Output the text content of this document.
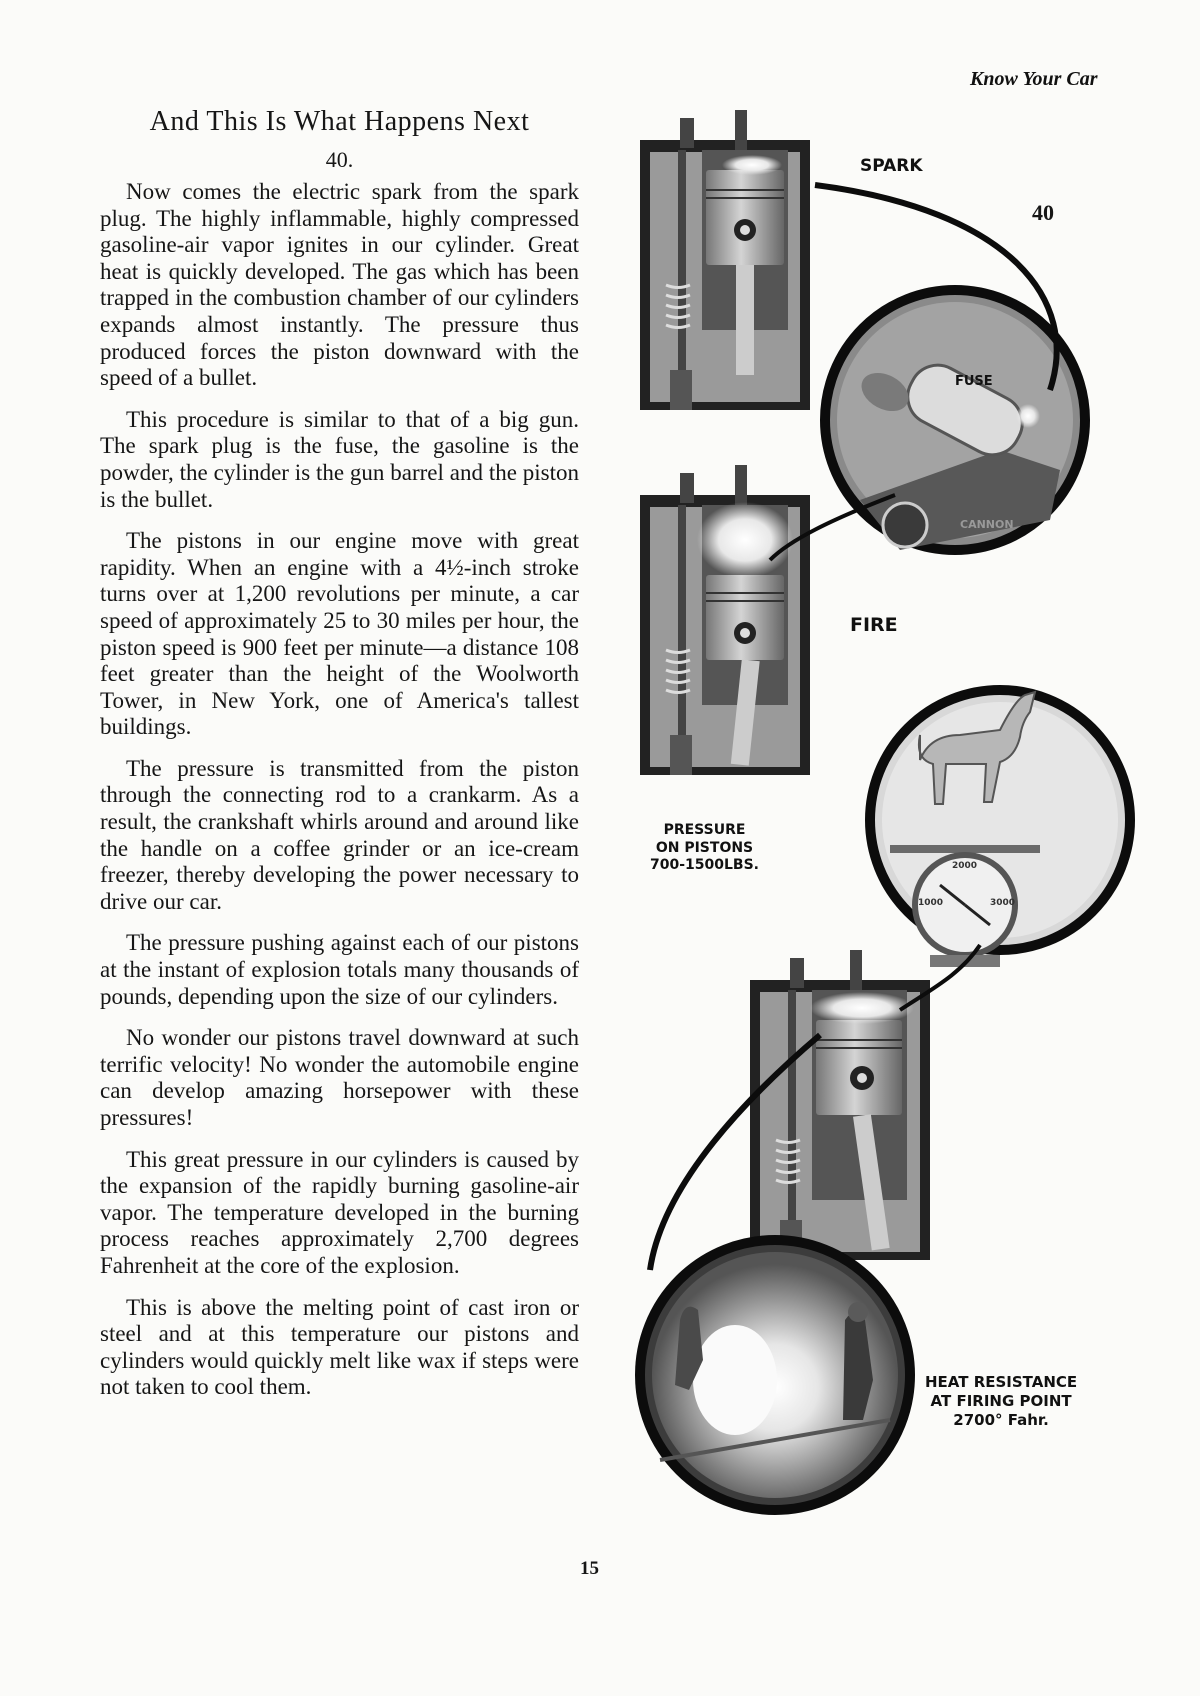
Know Your Car

And This Is What Happens Next

40.

Now comes the electric spark from the spark plug. The highly inflammable, highly compressed gasoline-air vapor ignites in our cylinder. Great heat is quickly developed. The gas which has been trapped in the combustion chamber of our cylinders expands almost instantly. The pressure thus produced forces the piston downward with the speed of a bullet.

This procedure is similar to that of a big gun. The spark plug is the fuse, the gasoline is the powder, the cylinder is the gun barrel and the piston is the bullet.

The pistons in our engine move with great rapidity. When an engine with a 4½-inch stroke turns over at 1,200 revolutions per minute, a car speed of approximately 25 to 30 miles per hour, the piston speed is 900 feet per minute—a distance 108 feet greater than the height of the Woolworth Tower, in New York, one of America's tallest buildings.

The pressure is transmitted from the piston through the connecting rod to a crankarm. As a result, the crankshaft whirls around and around like the handle on a coffee grinder or an ice-cream freezer, thereby developing the power necessary to drive our car.

The pressure pushing against each of our pistons at the instant of explosion totals many thousands of pounds, depending upon the size of our cylinders.

No wonder our pistons travel downward at such terrific velocity! No wonder the automobile engine can develop amazing horsepower with these pressures!

This great pressure in our cylinders is caused by the expansion of the rapidly burning gasoline-air vapor. The temperature developed in the burning process reaches approximately 2,700 degrees Fahrenheit at the core of the explosion.

This is above the melting point of cast iron or steel and at this temperature our pistons and cylinders would quickly melt like wax if steps were not taken to cool them.

FUSE
CANNON
1000
2000
3000

40

SPARK

FIRE

PRESSURE
ON PISTONS
700-1500LBS.

HEAT RESISTANCE
AT FIRING POINT
2700° Fahr.

15
